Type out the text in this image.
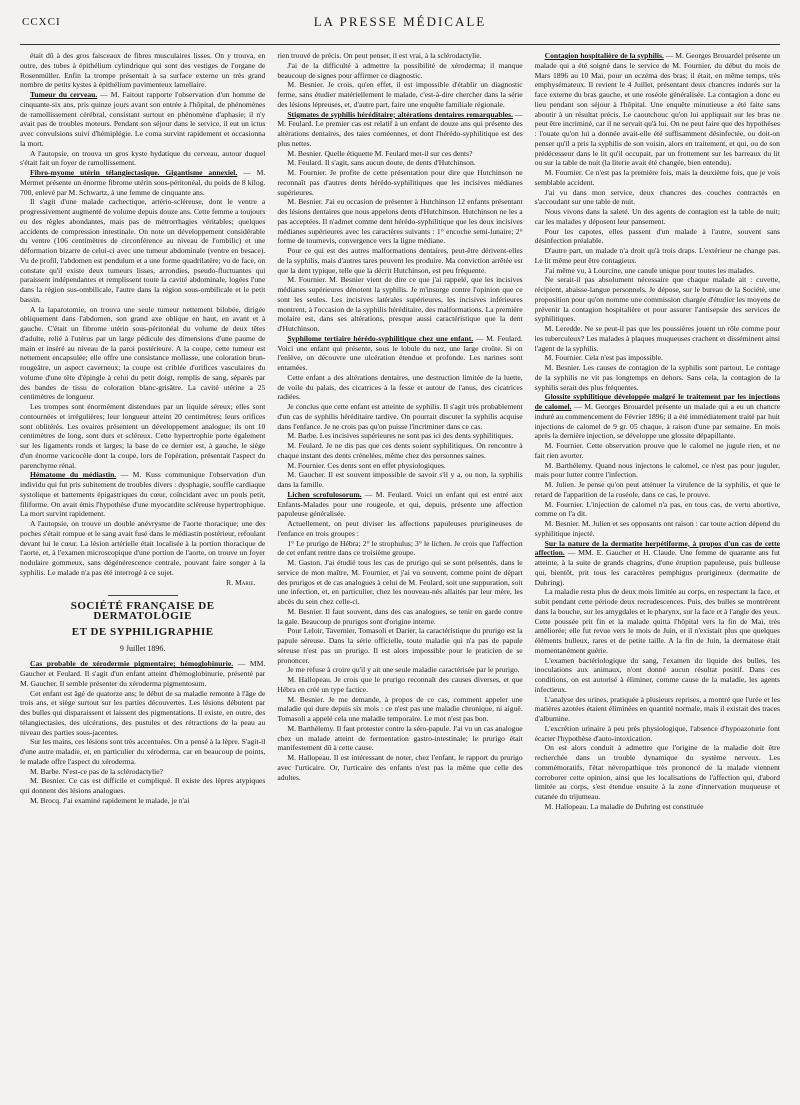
CCXCI	LA PRESSE MÉDICALE

était dû à des gros faisceaux de fibres musculaires lisses. On y trouva, en outre, des tubes à épithélium cylindrique qui sont des vestiges de l'organe de Rosenmüller. Enfin la trompe présentait à sa surface externe un très grand nombre de petits kystes à épithélium pavimenteux lamellaire.

Tumeur du cerveau. — M. Faitout rapporte l'observation d'un homme de cinquante-six ans, pris quinze jours avant son entrée à l'hôpital, de phénomènes de ramollissement cérébral, consistant surtout en phénomène d'aphasie; il n'y avait pas de troubles moteurs. Pendant son séjour dans le service, il eut un ictus avec convulsions suivi d'hémiplégie. Le coma survint rapidement et occasionna la mort.

A l'autopsie, on trouva un gros kyste hydatique du cerveau, autour duquel s'était fait un foyer de ramollissement.

Fibro-myome utérin télangiectasique. Gigantisme annexiel. — M. Mermet présente un énorme fibrome utérin sous-péritonéal, du poids de 8 kilog. 700, enlevé par M. Schwartz, à une femme de cinquante ans.

Il s'agit d'une malade cachectique, artério-scléreuse, dont le ventre a progressivement augmenté de volume depuis douze ans. Cette femme a toujours eu des règles abondantes, mais pas de métrorrhagies véritables; quelques accidents de compression intestinale. On note un développement considérable du ventre (106 centimètres de circonférence au niveau de l'ombilic) et une déformation bizarre de celui-ci avec une tumeur abdominale (ventre en besace). Vu de profil, l'abdomen est pendulum et a une forme quadrilatère; vu de face, on constate qu'il existe deux tumeurs lisses, arrondies, pseudo-fluctuantes qui paraissent indépendantes et remplissent toute la cavité abdominale, logées l'une dans la région sus-ombilicale, l'autre dans la région sous-ombilicale et le petit bassin.

A la laparotomie, on trouva une seule tumeur nettement bilobée, dirigée obliquement dans l'abdomen, son grand axe oblique en haut, en avant et à gauche. C'était un fibrome utérin sous-péritonéal du volume de deux têtes d'adulte, relié à l'utérus par un large pédicule des dimensions d'une paume de main et inséré au niveau de la paroi postérieure. A la coupe, cette tumeur est nettement encapsulée; elle offre une consistance mollasse, une coloration brun-rougeâtre, un aspect caverneux; la coupe est criblée d'orifices vasculaires du volume d'une tête d'épingle à celui du petit doigt, remplis de sang, séparés par des bandes de tissu de coloration blanc-grisâtre. La cavité utérine a 25 centimètres de longueur.

Les trompes sont énormément distendues par un liquide séreux; elles sont contournées et irrégulières; leur longueur atteint 20 centimètres; leurs orifices sont oblitérés. Les ovaires présentent un développement analogue; ils ont 10 centimètres de long, sont durs et scléreux. Cette hypertrophie porte également sur les ligaments ronds et larges; la base de ce dernier est, à gauche, le siège d'un énorme varicocèle dont la coupe, lors de l'opération, présentait l'aspect du parenchyme rénal.

Hématome du médiastin. — M. Kuss communique l'observation d'un individu qui fut pris subitement de troubles divers : dysphagie, souffle cardiaque systolique et battements épigastriques du cœur, coïncidant avec un pouls petit, filiforme. On avait émis l'hypothèse d'une myocardite scléreuse hypertrophique. La mort survint rapidement.

A l'autopsie, on trouve un double anévrysme de l'aorte thoracique; une des poches s'était rompue et le sang avait fusé dans le médiastin postérieur, refoulant devant lui le cœur. La lésion artérielle était localisée à la portion thoracique de l'aorte, et, à l'examen microscopique d'une portion de l'aorte, on trouve un foyer nodulaire gommeux, sans dégénérescence centrale, pouvant faire songer à la syphilis. Le malade n'a pas été interrogé à ce sujet.

R. Marie.

SOCIÉTÉ FRANÇAISE DE DERMATOLOGIE
ET DE SYPHILIGRAPHIE
9 Juillet 1896.

Cas probable de xérodermie pigmentaire; hémoglobinurie. — MM. Gaucher et Feulard. Il s'agit d'un enfant atteint d'hémoglobinurie, présenté par M. Gaucher. Il semble présenter du xéroderma pigmentosum.

Cet enfant est âgé de quatorze ans; le début de sa maladie remonte à l'âge de trois ans, et siège surtout sur les parties découvertes. Les lésions débutent par des bulles qui disparaissent et laissent des pigmentations. Il existe, en outre, des télangiectasies, des ulcérations, des pustules et des rétractions de la peau au niveau des parties sous-jacentes.

Sur les mains, ces lésions sont très accentuées. On a pensé à la lèpre. S'agit-il d'une autre maladie, et, en particulier du xéroderma, car en beaucoup de points, le malade offre l'aspect du xéroderma.

M. Barbe. N'est-ce pas de la sclérodactylie?

M. Besnier. Ce cas est difficile et compliqué. Il existe des lèpres atypiques qui donnent des lésions analogues.

M. Brocq. J'ai examiné rapidement le malade, je n'ai

rien trouvé de précis. On peut penser, il est vrai, à la sclérodactylie.

J'ai de la difficulté à admettre la possibilité de xéroderma; il manque beaucoup de signes pour affirmer ce diagnostic.

M. Besnier. Je crois, qu'en effet, il est impossible d'établir un diagnostic ferme, sans étudier matériellement le malade, c'est-à-dire chercher dans la série des lésions lépreuses, et, d'autre part, faire une enquête familiale régionale.

Stigmates de syphilis héréditaire; altérations dentaires remarquables. — M. Feulard. Le premier cas est relatif à un enfant de douze ans qui présente des altérations dentaires, des taies cornéennes, et dont l'hérédo-syphilitique est des plus nettes.

M. Besnier. Quelle étiquette M. Feulard met-il sur ces dents?

M. Feulard. Il s'agit, sans aucun doute, de dents d'Hutchinson.

M. Fournier. Je profite de cette présentation pour dire que Hutchinson ne reconnaît pas d'autres dents hérédo-syphilitiques que les incisives médianes supérieures.

M. Besnier. J'ai eu occasion de présenter à Hutchinson 12 enfants présentant des lésions dentaires que nous appelons dents d'Hutchinson. Hutchinson ne les a pas acceptées. Il n'admet comme dent hérédo-syphilitique que les deux incisives médianes supérieures avec les caractères suivants : 1° encoche semi-lunaire; 2° forme de tournevis, convergence vers la ligne médiane.

Pour ce qui est des autres malformations dentaires, peut-être dérivent-elles de la syphilis, mais d'autres tares peuvent les produire. Ma conviction arrêtée est que la dent typique, telle que la décrit Hutchinson, est peu fréquente.

M. Fournier. M. Besnier vient de dire ce que j'ai rappelé, que les incisives médianes supérieures dénotent la syphilis. Je m'insurge contre l'opinion que ce sont les seules. Les incisives latérales supérieures, les incisives inférieures montrent, à l'occasion de la syphilis héréditaire, des malformations. La première molaire est, dans ses altérations, presque aussi caractéristique que la dent d'Hutchinson.

Syphilome tertiaire hérédo-syphilitique chez une enfant. — M. Feulard. Voici une enfant qui présente, sous le lobule du nez, une large croûte. Si on l'enlève, on découvre une ulcération étendue et profonde. Les narines sont entamées.

Cette enfant a des altérations dentaires, une destruction limitée de la luette, de voile du palais, des cicatrices à la fesse et autour de l'anus, des cicatrices radiées.

Je conclus que cette enfant est atteinte de syphilis. Il s'agit très probablement d'un cas de syphilis héréditaire tardive. On pourrait discuter la syphilis acquise dans l'enfance. Je ne crois pas qu'on puisse l'incriminer dans ce cas.

M. Barbe. Les incisives supérieures ne sont pas ici des dents syphilitiques.

M. Feulard. Je ne dis pas que ces dents soient syphilitiques. On rencontre à chaque instant des dents crénelées, même chez des personnes saines.

M. Fournier. Ces dents sont en effet physiologiques.

M. Gaucher. Il est souvent impossible de savoir s'il y a, ou non, la syphilis dans la famille.

Lichen scrofulosorum. — M. Feulard. Voici un enfant qui est entré aux Enfants-Malades pour une rougeole, et qui, depuis, présente une affection papuleuse généralisée.

Actuellement, on peut diviser les affections papuleuses prurigineuses de l'enfance en trois groupes :

1° Le prurigo de Hébra; 2° le strophulus; 3° le lichen. Je crois que l'affection de cet enfant rentre dans ce troisième groupe.

M. Gaston. J'ai étudié tous les cas de prurigo qui se sont présentés, dans le service de mon maître, M. Fournier, et j'ai vu souvent, comme point de départ des prurigos et de cas analogues à celui de M. Feulard, soit une suppuration, soit une infection, et, en particulier, chez les nouveau-nés allaités par leur mère, les abcès du sein chez celle-ci.

M. Besnier. Il faut souvent, dans des cas analogues, se tenir en garde contre la gale. Beaucoup de prurigos sont d'origine interne.

Pour Leloir, Tavernier, Tomasoli et Darier, la caractéristique du prurigo est la papule séreuse. Dans la série officielle, toute maladie qui n'a pas de papule séreuse n'est pas un prurigo. Il est alors impossible pour le praticien de se prononcer.

Je me refuse à croire qu'il y ait une seule maladie caractérisée par le prurigo.

M. Hallopeau. Je crois que le prurigo reconnaît des causes diverses, et que Hébra en créé un type factice.

M. Besnier. Je me demande, à propos de ce cas, comment appeler une maladie qui dure depuis six mois : ce n'est pas une maladie chronique, ni aiguë. Tomasoli a appelé cela une maladie temporaire. Le mot n'est pas bon.

M. Barthélemy. Il faut protester contre la séro-papule. J'ai vu un cas analogue chez un malade atteint de fermentation gastro-intestinale; le prurigo était manifestement dû à cette cause.

M. Hallopeau. Il est intéressant de noter, chez l'enfant, le rapport du prurigo avec l'urticaire. Or, l'urticaire des enfants n'est pas la même que celle des adultes.

Contagion hospitalière de la syphilis. — M. Georges Brouardel présente un malade qui a été soigné dans le service de M. Fournier, du début du mois de Mars 1896 au 10 Mai, pour un eczéma des bras; il était, en même temps, très emphysémateux. Il revient le 4 Juillet, présentant deux chancres indurés sur la face externe du bras gauche, et une roséole généralisée. La contagion a donc eu lieu pendant son séjour à l'hôpital. Une enquête minutieuse a été faite sans aboutir à un résultat précis. Le caoutchouc qu'on lui appliquait sur les bras ne peut être incriminé, car il ne servait qu'à lui. On ne peut faire que des hypothèses : l'ouate qu'on lui a donnée avait-elle été suffisamment désinfectée, ou doit-on penser qu'il a pris la syphilis de son voisin, alors en traitement, et qui, ou de son prédécesseur dans le lit qu'il occupait, par un frottement sur les barreaux du lit ou sur la table de nuit (la literie avait été changée, bien entendu).

M. Fournier. Ce n'est pas la première fois, mais la deuxième fois, que je vois semblable accident.

J'ai vu dans mon service, deux chancres des couches contractés en s'accoudant sur une table de nuit.

Nous vivons dans la saleté. Un des agents de contagion est la table de nuit; car les malades y déposent leur pansement.

Pour les capotes, elles passent d'un malade à l'autre, souvent sans désinfection préalable.

D'autre part, un malade n'a droit qu'à trois draps. L'extérieur ne change pas. Le lit même peut être contagieux.

J'ai même vu, à Lourcine, une canule unique pour toutes les malades.

Ne serait-il pas absolument nécessaire que chaque malade ait : cuvette, récipient, abaisse-langue personnels. Je dépose, sur le bureau de la Société, une proposition pour qu'on nomme une commission chargée d'étudier les moyens de prévenir la contagion hospitalière et pour assurer l'antisepsie des services de syphilitiques.

M. Leredde. Ne se peut-il pas que les poussières jouent un rôle comme pour les tuberculeux? Les malades à plaques muqueuses crachent et disséminent ainsi l'agent de la syphilis.

M. Fournier. Cela n'est pas impossible.

M. Besnier. Les causes de contagion de la syphilis sont partout. Le contage de la syphilis ne vit pas longtemps en dehors. Sans cela, la contagion de la syphilis serait des plus fréquentes.

Glossite syphilitique développée malgré le traitement par les injections de calomel. — M. Georges Brouardel présente un malade qui a eu un chancre induré au commencement de Février 1896; il a été immédiatement traité par huit injections de calomel de 9 gr. 05 chaque, à raison d'une par semaine. En mois après la dernière injection, se développe une glossite dépapillante.

M. Fournier. Cette observation prouve que le calomel ne jugule rien, et ne fait rien avorter.

M. Barthélemy. Quand nous injectons le calomel, ce n'est pas pour juguler, mais pour lutter contre l'infection.

M. Julien. Je pense qu'on peut atténuer la virulence de la syphilis, et que le retard de l'apparition de la roséole, dans ce cas, le prouve.

M. Fournier. L'injection de calomel n'a pas, en tous cas, de vertu abortive, comme on l'a dit.

M. Besnier. M. Julien et ses opposants ont raison : car toute action dépend du syphilitique injecté.

Sur la nature de la dermatite herpétiforme, à propos d'un cas de cette affection. — MM. E. Gaucher et H. Claude. Une femme de quarante ans fut atteinte, à la suite de grands chagrins, d'une éruption papuleuse, puis bulleuse qui, bientôt, prit tous les caractères pemphigus prurigineux (dermatite de Duhring).

La maladie resta plus de deux mois limitée au corps, en respectant la face, et subit pendant cette période deux recrudescences. Puis, des bulles se montrèrent dans la bouche, sur les amygdales et le pharynx, sur la face et à l'angle des yeux. Cette poussée prit fin et la malade quitta l'hôpital vers la fin de Mai, très améliorée; elle fut revue vers le mois de Juin, et il n'existait plus que quelques éléments bulleux, rares et de petite taille. A la fin de Juin, la dermatose était momentanément guérie.

L'examen bactériologique du sang, l'examen du liquide des bulles, les inoculations aux animaux, n'ont donné aucun résultat positif. Dans ces conditions, on est autorisé à éliminer, comme cause de la maladie, les agents infectieux.

L'analyse des urines, pratiquée à plusieurs reprises, a montré que l'urée et les matières azotées étaient éliminées en quantité normale, mais il existait des traces d'albumine.

L'excrétion urinaire à peu près physiologique, l'absence d'hypoazoturie font écarter l'hypothèse d'auto-intoxication.

On est alors conduit à admettre que l'origine de la maladie doit être recherchée dans un trouble dynamique du système nerveux. Les commémoratifs, l'état névropathique très prononcé de la malade viennent corroborer cette opinion, ainsi que les localisations de l'affection qui, d'abord limitée au corps, s'est étendue ensuite à la zone d'innervation muqueuse et cutanée du trijumeau.

M. Hallopeau. La maladie de Duhring est constituée
